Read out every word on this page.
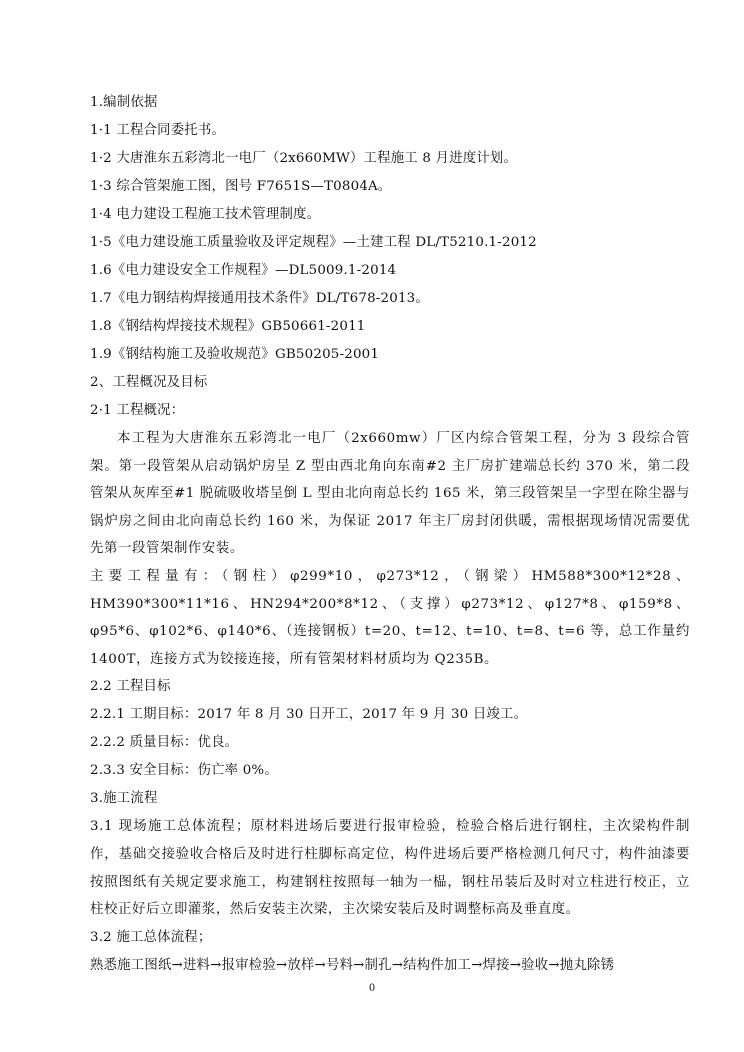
1.编制依据
1·1 工程合同委托书。
1·2 大唐淮东五彩湾北一电厂（2x660MW）工程施工 8 月进度计划。
1·3 综合管架施工图，图号 F7651S—T0804A。
1·4 电力建设工程施工技术管理制度。
1·5《电力建设施工质量验收及评定规程》—土建工程 DL/T5210.1-2012
1.6《电力建设安全工作规程》—DL5009.1-2014
1.7《电力钢结构焊接通用技术条件》DL/T678-2013。
1.8《钢结构焊接技术规程》GB50661-2011
1.9《钢结构施工及验收规范》GB50205-2001
2、工程概况及目标
2·1 工程概况：
本工程为大唐淮东五彩湾北一电厂（2x660mw）厂区内综合管架工程，分为 3 段综合管架。第一段管架从启动锅炉房呈 Z 型由西北角向东南#2 主厂房扩建端总长约 370 米，第二段管架从灰库至#1 脱硫吸收塔呈倒 L 型由北向南总长约 165 米，第三段管架呈一字型在除尘器与锅炉房之间由北向南总长约 160 米，为保证 2017 年主厂房封闭供暖，需根据现场情况需要优先第一段管架制作安装。
主要工程量有：（钢柱）φ299*10，φ273*12，（钢梁）HM588*300*12*28、HM390*300*11*16、HN294*200*8*12、（支撑）φ273*12、φ127*8、φ159*8、φ95*6、φ102*6、φ140*6、（连接钢板）t=20、t=12、t=10、t=8、t=6 等，总工作量约 1400T，连接方式为铰接连接，所有管架材料材质均为 Q235B。
2.2 工程目标
2.2.1 工期目标：2017 年 8 月 30 日开工，2017 年 9 月 30 日竣工。
2.2.2 质量目标：优良。
2.3.3 安全目标：伤亡率 0%。
3.施工流程
3.1 现场施工总体流程；原材料进场后要进行报审检验，检验合格后进行钢柱，主次梁构件制作，基础交接验收合格后及时进行柱脚标高定位，构件进场后要严格检测几何尺寸，构件油漆要按照图纸有关规定要求施工，构建钢柱按照每一轴为一榀，钢柱吊装后及时对立柱进行校正，立柱校正好后立即灌浆，然后安装主次梁，主次梁安装后及时调整标高及垂直度。
3.2 施工总体流程；
熟悉施工图纸→进料→报审检验→放样→号料→制孔→结构件加工→焊接→验收→抛丸除锈
0
